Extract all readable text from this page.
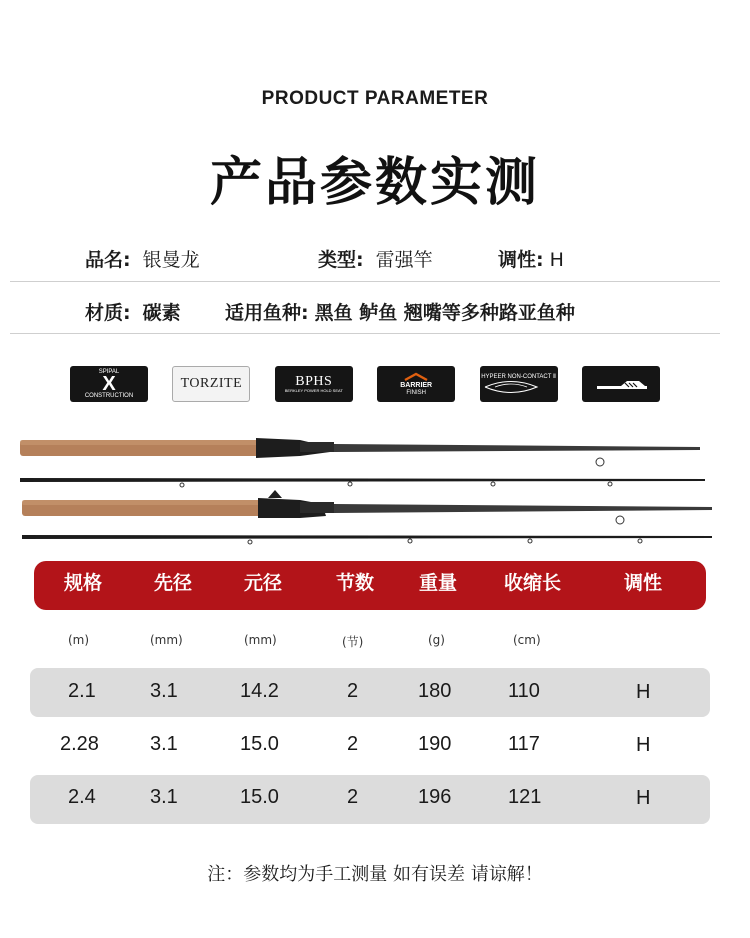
PRODUCT PARAMETER
产品参数实测
品名: 银曼龙	类型: 雷强竿	调性: H
材质: 碳素 适用鱼种: 黑鱼 鲈鱼 翘嘴等多种路亚鱼种
SPIPAL
X
CONSTRUCTION
TORZITE	BPHS
BERKLEY POWER HOLD SEAT
BARRIER
FINISH
HYPEER NON-CONTACT Ⅱ
规格	先径	元径	节数 重量 收缩长	调性
(m)	(mm)	(mm)	(节)	(g)	(cm)
2.1	3.1	14.2	2	180	110	H
2.28	3.1	15.0	2	190	117	H
2.4	3.1	15.0	2	196	121	H
注：参数均为手工测量 如有误差 请谅解！
